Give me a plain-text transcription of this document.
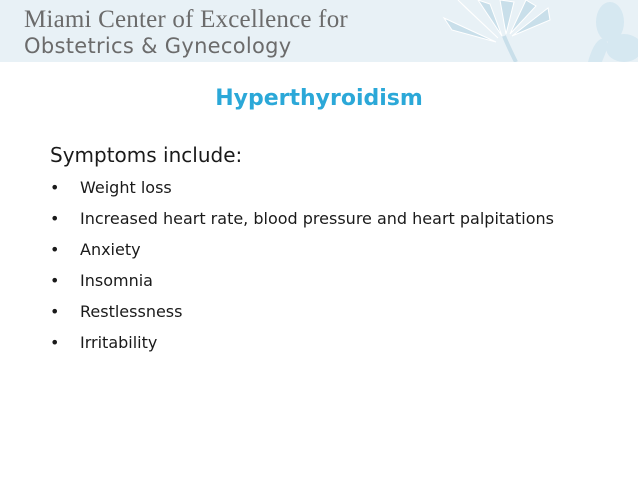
Miami Center of Excellence for
Obstetrics & Gynecology
Hyperthyroidism
Symptoms include:
• Weight loss
• Increased heart rate, blood pressure and heart palpitations
• Anxiety
• Insomnia
• Restlessness
• Irritability
